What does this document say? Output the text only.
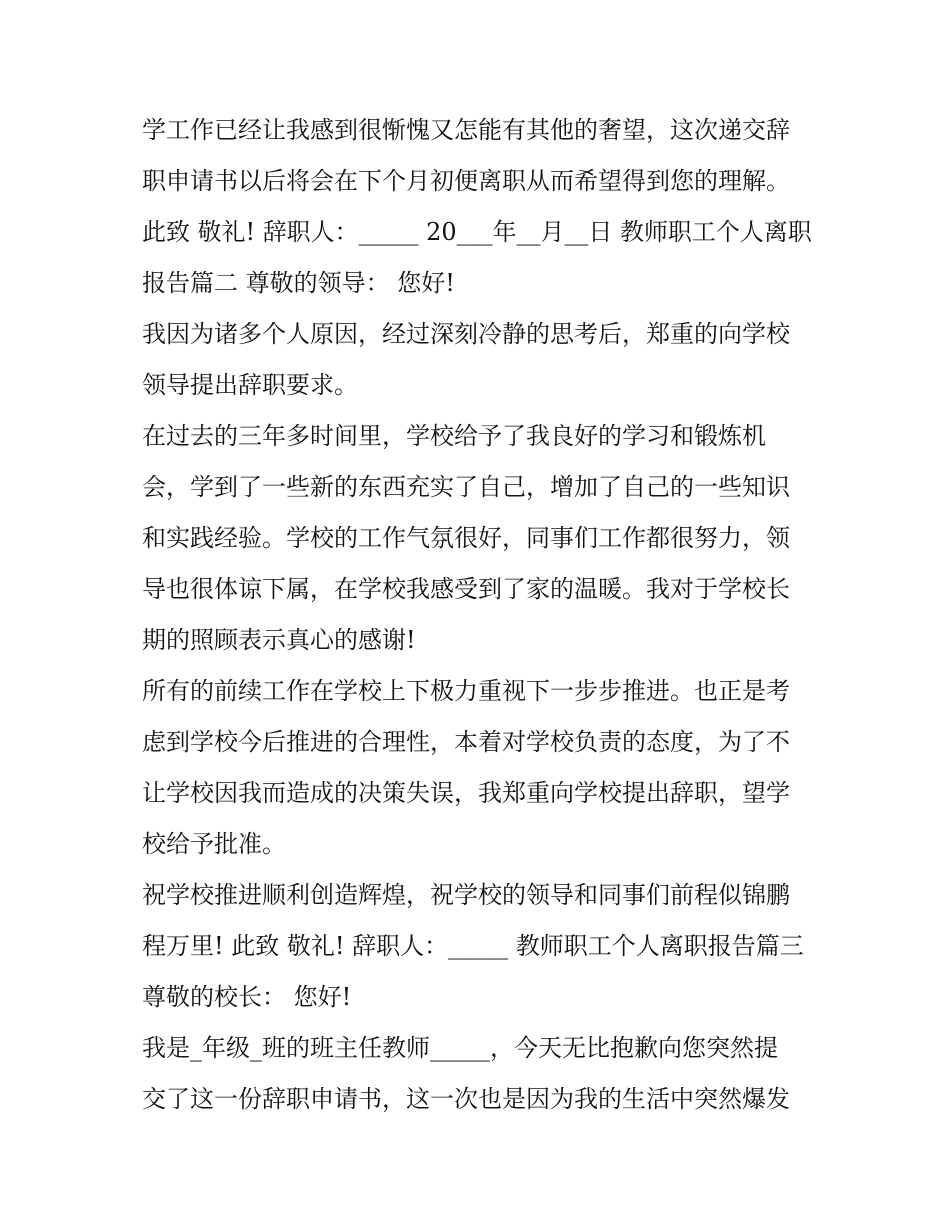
学工作已经让我感到很惭愧又怎能有其他的奢望，这次递交辞

职申请书以后将会在下个月初便离职从而希望得到您的理解。

此致 敬礼! 辞职人：_____ 20___年__月__日 教师职工个人离职

报告篇二 尊敬的领导： 您好!

我因为诸多个人原因，经过深刻冷静的思考后，郑重的向学校

领导提出辞职要求。

在过去的三年多时间里，学校给予了我良好的学习和锻炼机

会，学到了一些新的东西充实了自己，增加了自己的一些知识

和实践经验。学校的工作气氛很好，同事们工作都很努力，领

导也很体谅下属，在学校我感受到了家的温暖。我对于学校长

期的照顾表示真心的感谢!

所有的前续工作在学校上下极力重视下一步步推进。也正是考

虑到学校今后推进的合理性，本着对学校负责的态度，为了不

让学校因我而造成的决策失误，我郑重向学校提出辞职，望学

校给予批准。

祝学校推进顺利创造辉煌，祝学校的领导和同事们前程似锦鹏

程万里! 此致 敬礼! 辞职人：_____ 教师职工个人离职报告篇三

尊敬的校长： 您好!

我是_年级_班的班主任教师_____，今天无比抱歉向您突然提

交了这一份辞职申请书，这一次也是因为我的生活中突然爆发
